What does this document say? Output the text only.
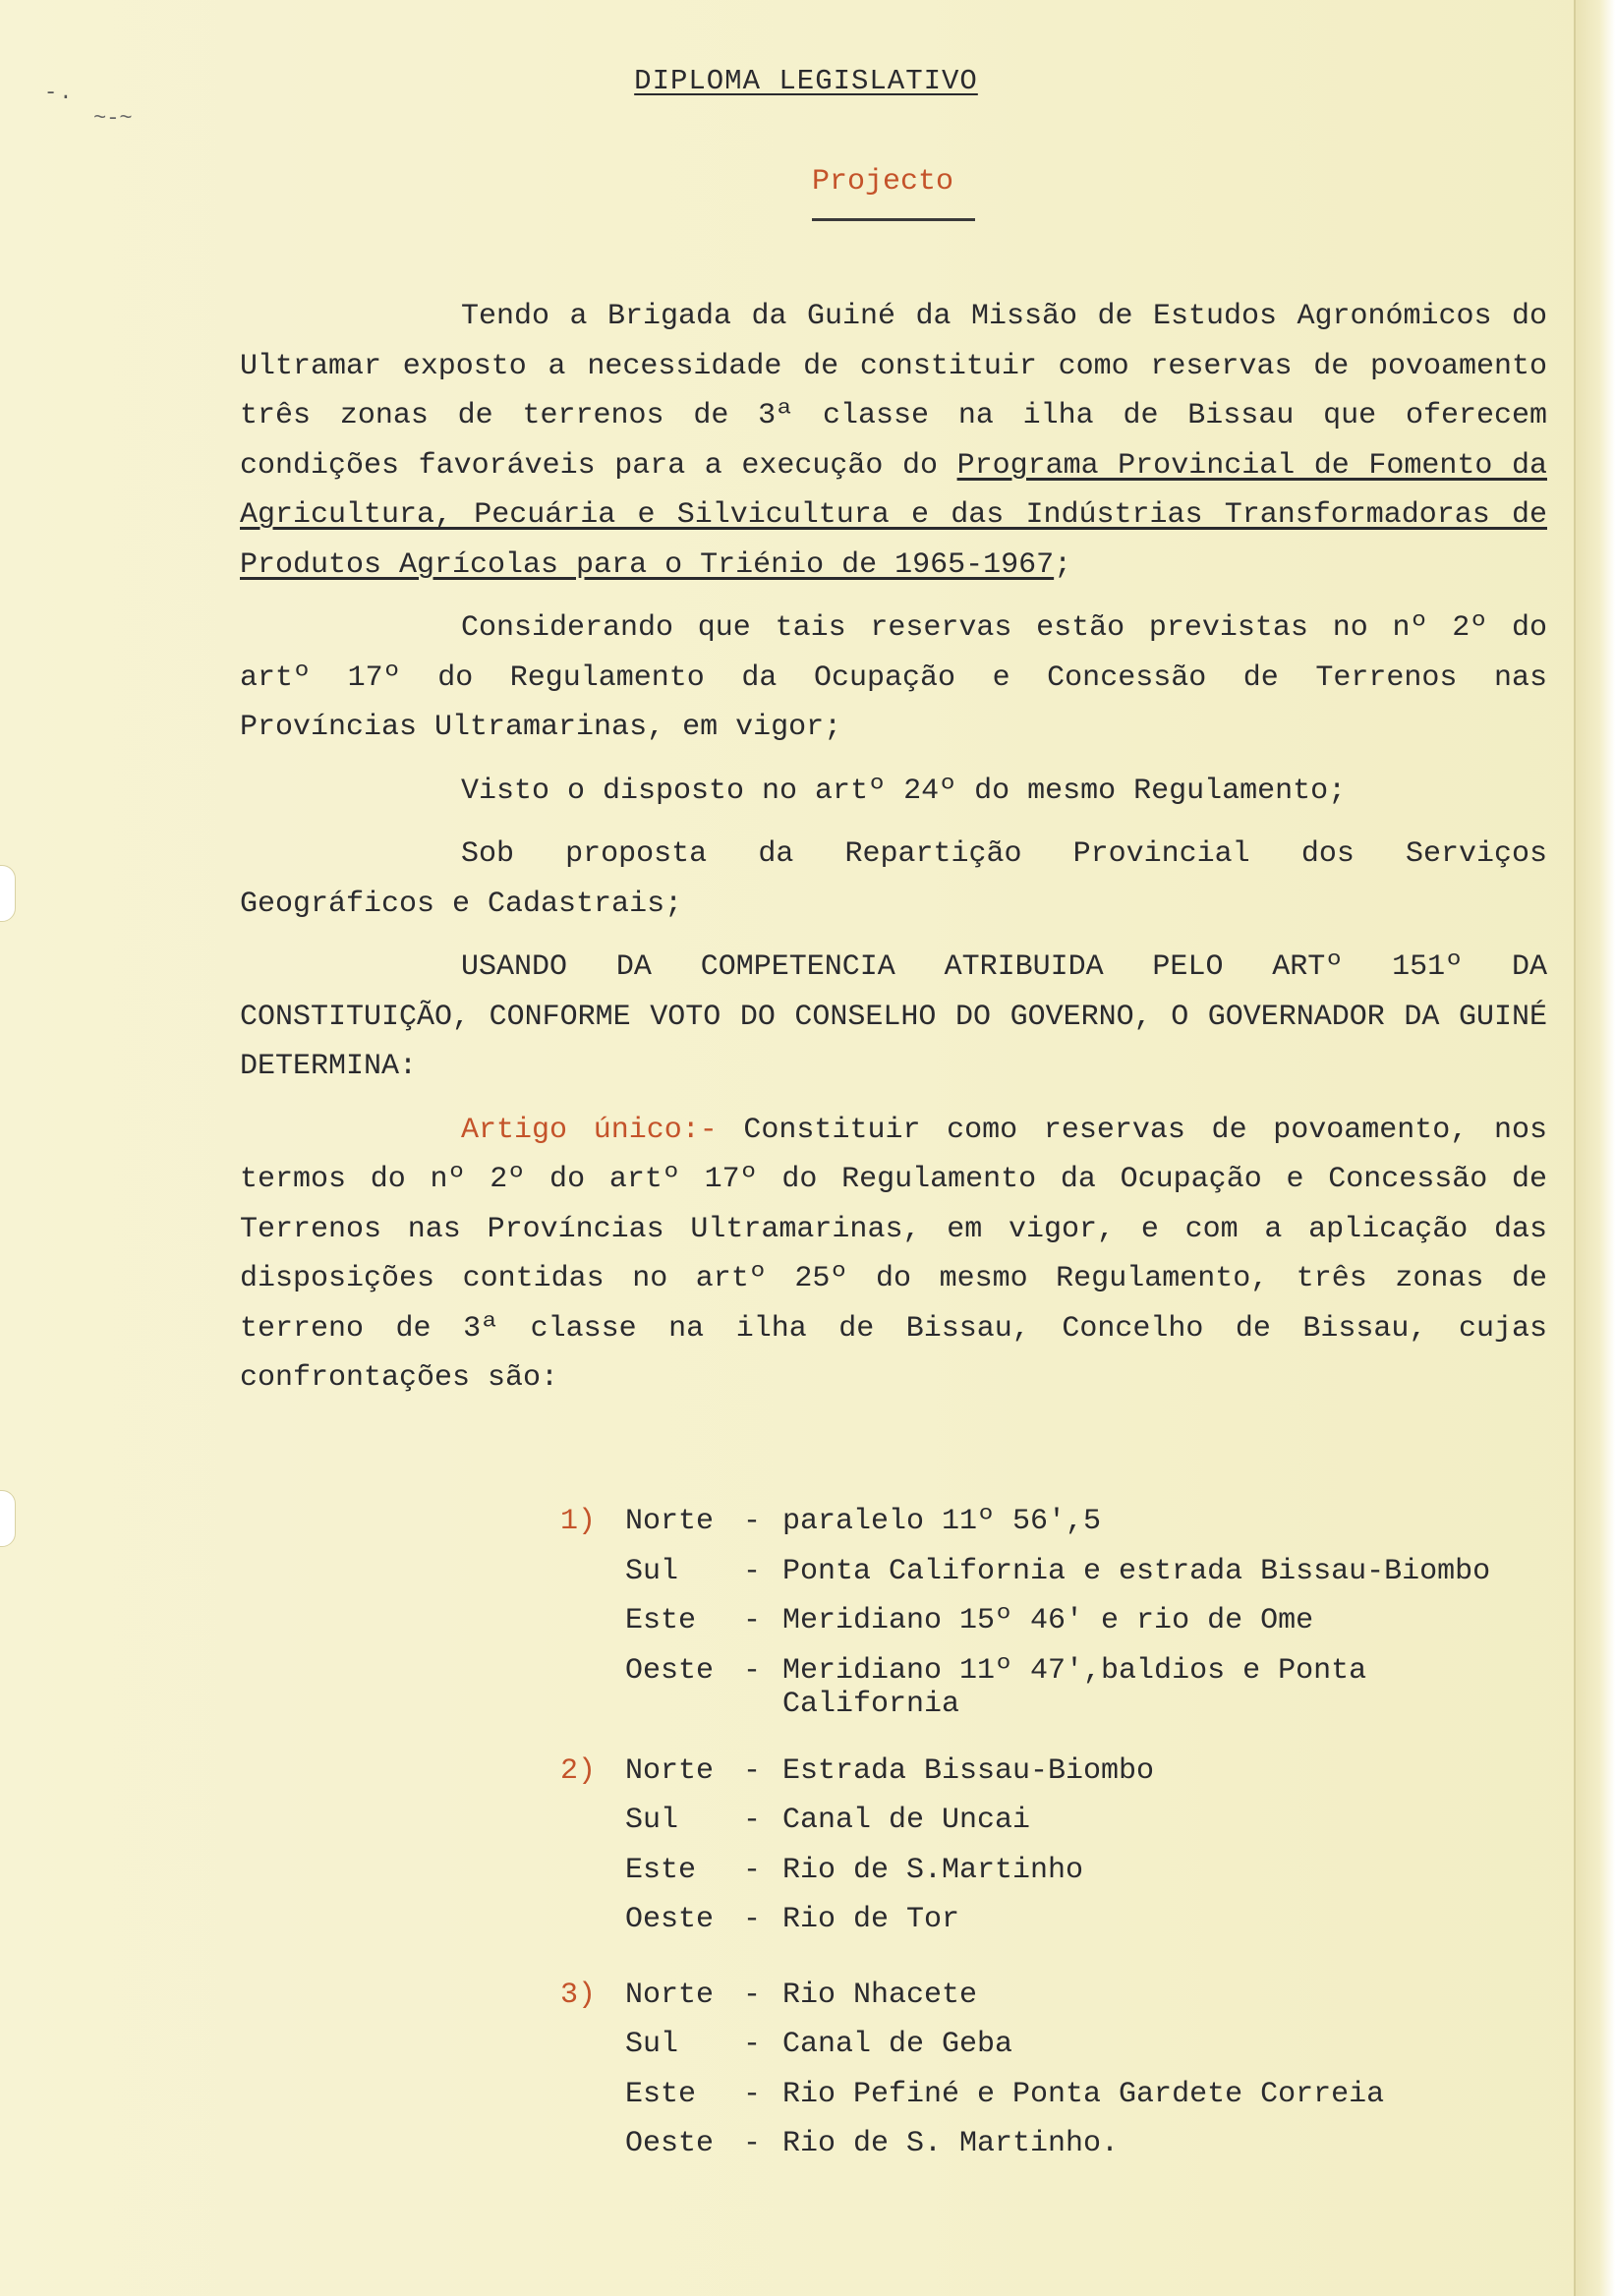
-.
~-~
DIPLOMA LEGISLATIVO
Projecto

Tendo a Brigada da Guiné da Missão de Estudos Agronómicos do Ultramar exposto a necessidade de constituir como reservas de povoamento três zonas de terrenos de 3ª classe na ilha de Bissau que oferecem condições favoráveis para a execução do Programa Provincial de Fomento da Agricultura, Pecuária e Silvicultura e das Indústrias Transformadoras de Produtos Agrícolas para o Triénio de 1965-1967;

Considerando que tais reservas estão previstas no nº 2º do artº 17º do Regulamento da Ocupação e Concessão de Terrenos nas Províncias Ultramarinas, em vigor;

Visto o disposto no artº 24º do mesmo Regulamento;

Sob proposta da Repartição Provincial dos Serviços Geográficos e Cadastrais;

USANDO DA COMPETENCIA ATRIBUIDA PELO ARTº 151º DA CONSTITUIÇÃO, CONFORME VOTO DO CONSELHO DO GOVERNO, O GOVERNADOR DA GUINÉ DETERMINA:

Artigo único:- Constituir como reservas de povoamento, nos termos do nº 2º do artº 17º do Regulamento da Ocupação e Concessão de Terrenos nas Províncias Ultramarinas, em vigor, e com a aplicação das disposições contidas no artº 25º do mesmo Regulamento, três zonas de terreno de 3ª classe na ilha de Bissau, Concelho de Bissau, cujas confrontações são:

1) Norte - paralelo 11º 56',5
Sul	- Ponta California e estrada Bissau-Biombo
Este	- Meridiano 15º 46' e rio de Ome
Oeste - Meridiano 11º 47',baldios e Ponta California
2) Norte - Estrada Bissau-Biombo
Sul	- Canal de Uncai
Este	- Rio de S.Martinho
Oeste - Rio de Tor
3) Norte - Rio Nhacete
Sul	- Canal de Geba
Este	- Rio Pefiné e Ponta Gardete Correia
Oeste - Rio de S. Martinho.
